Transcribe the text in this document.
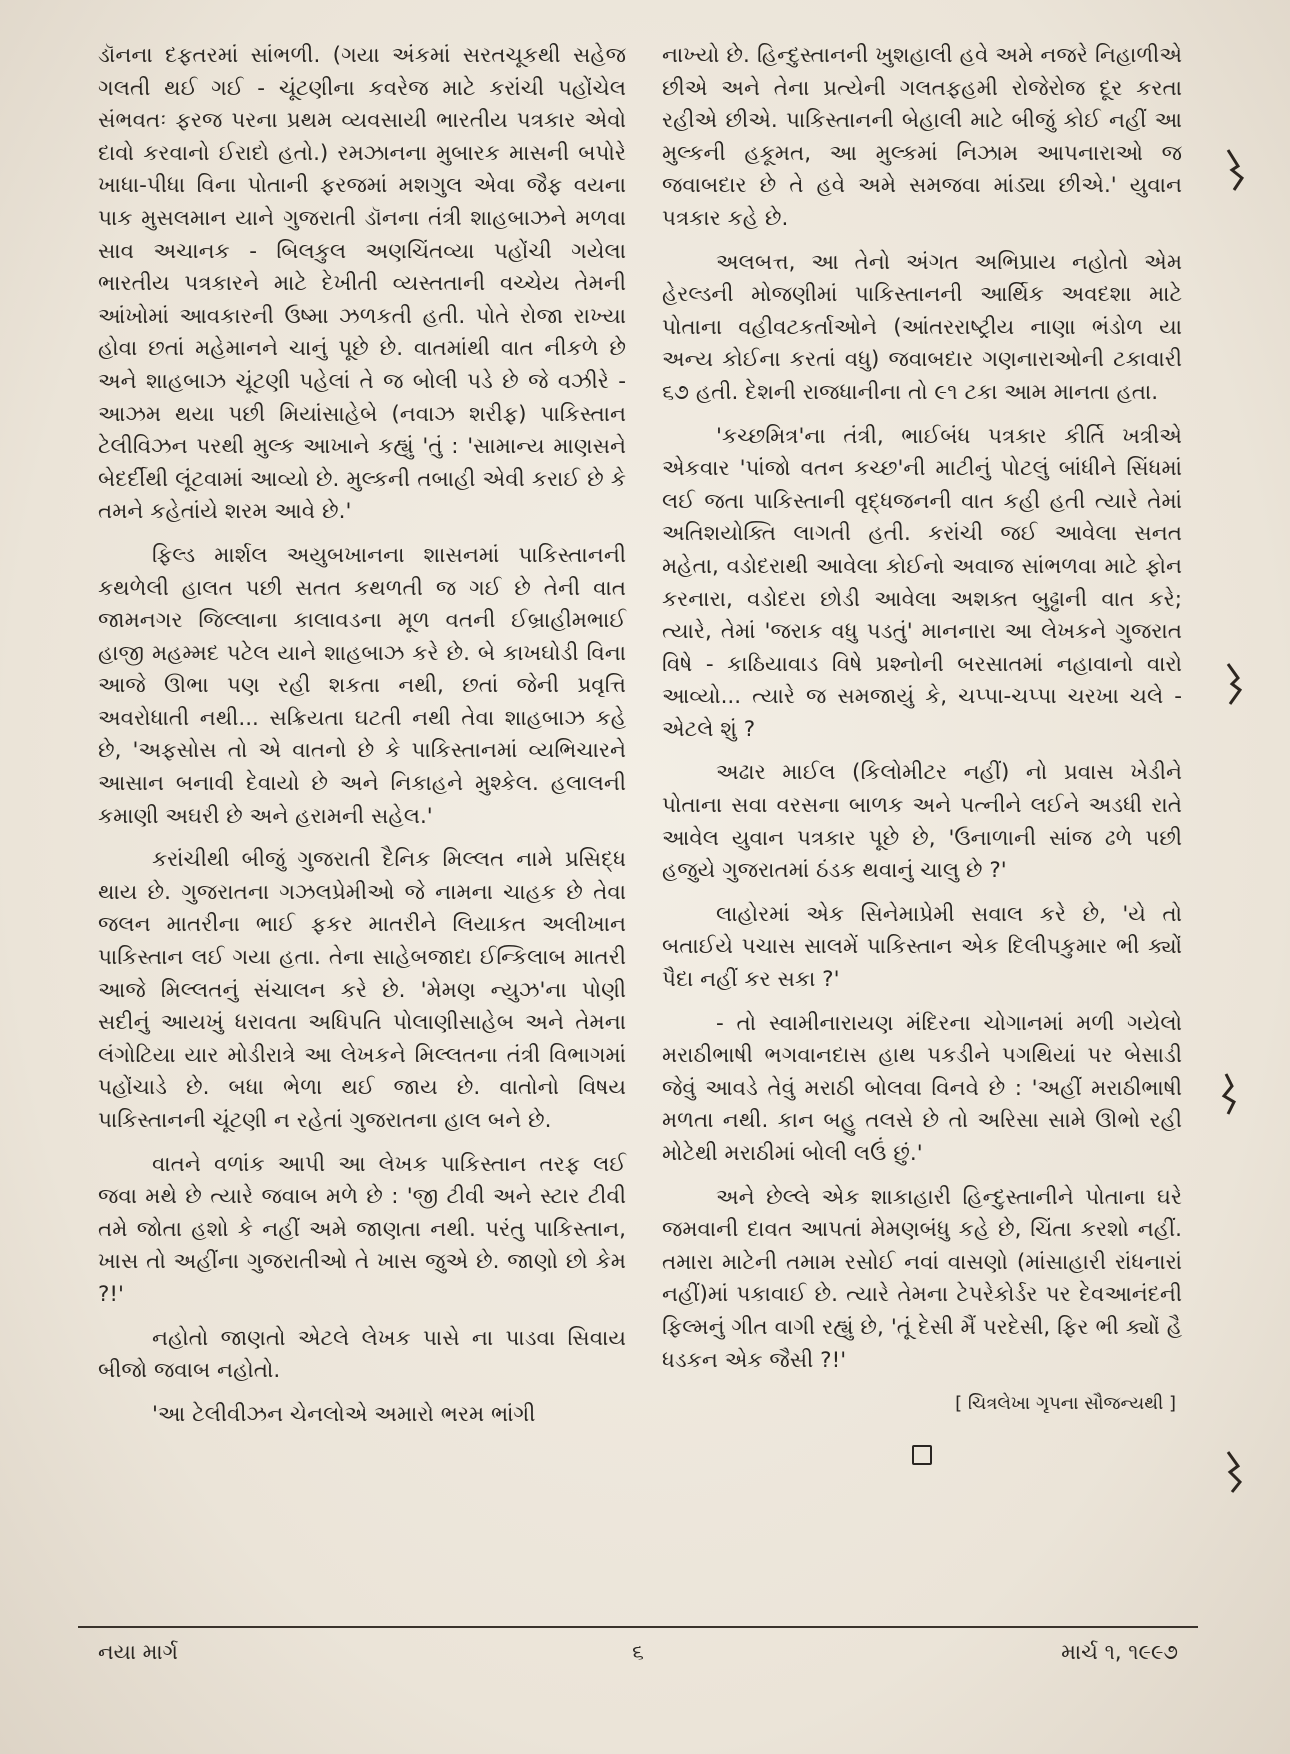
ડૉનના દફતરમાં સાંભળી. (ગયા અંકમાં સરતચૂકથી સહેજ ગલતી થઈ ગઈ - ચૂંટણીના કવરેજ માટે કરાંચી પહોંચેલ સંભવતઃ ફરજ પરના પ્રથમ વ્યવસાયી ભારતીય પત્રકાર એવો દાવો કરવાનો ઈરાદો હતો.) રમઝાનના મુબારક માસની બપોરે ખાધા-પીધા વિના પોતાની ફરજમાં મશગુલ એવા જૈફ વયના પાક મુસલમાન યાને ગુજરાતી ડૉનના તંત્રી શાહબાઝને મળવા સાવ અચાનક - બિલકુલ અણચિંતવ્યા પહોંચી ગયેલા ભારતીય પત્રકારને માટે દેખીતી વ્યસ્તતાની વચ્ચેય તેમની આંખોમાં આવકારની ઉષ્મા ઝળકતી હતી. પોતે રોજા રાખ્યા હોવા છતાં મહેમાનને ચાનું પૂછે છે. વાતમાંથી વાત નીકળે છે અને શાહબાઝ ચૂંટણી પહેલાં તે જ બોલી પડે છે જે વઝીરે - આઝમ થયા પછી મિયાંસાહેબે (નવાઝ શરીફ) પાકિસ્તાન ટેલીવિઝન પરથી મુલ્ક આખાને કહ્યું 'તું : 'સામાન્ય માણસને બેદર્દીથી લૂંટવામાં આવ્યો છે. મુલ્કની તબાહી એવી કરાઈ છે કે તમને કહેતાંયે શરમ આવે છે.'

ફિલ્ડ માર્શલ અયુબખાનના શાસનમાં પાકિસ્તાનની કથળેલી હાલત પછી સતત કથળતી જ ગઈ છે તેની વાત જામનગર જિલ્લાના કાલાવડના મૂળ વતની ઈબ્રાહીમભાઈ હાજી મહમ્મદ પટેલ યાને શાહબાઝ કરે છે. બે કાખઘોડી વિના આજે ઊભા પણ રહી શકતા નથી, છતાં જેની પ્રવૃત્તિ અવરોધાતી નથી... સક્રિયતા ઘટતી નથી તેવા શાહબાઝ કહે છે, 'અફસોસ તો એ વાતનો છે કે પાકિસ્તાનમાં વ્યભિચારને આસાન બનાવી દેવાયો છે અને નિકાહને મુશ્કેલ. હલાલની કમાણી અઘરી છે અને હરામની સહેલ.'

કરાંચીથી બીજું ગુજરાતી દૈનિક મિલ્લત નામે પ્રસિદ્ધ થાય છે. ગુજરાતના ગઝલપ્રેમીઓ જે નામના ચાહક છે તેવા જલન માતરીના ભાઈ ફકર માતરીને લિયાકત અલીખાન પાકિસ્તાન લઈ ગયા હતા. તેના સાહેબજાદા ઈન્કિલાબ માતરી આજે મિલ્લતનું સંચાલન કરે છે. 'મેમણ ન્યુઝ'ના પોણી સદીનું આયખું ધરાવતા અધિપતિ પોલાણીસાહેબ અને તેમના લંગોટિયા યાર મોડીરાત્રે આ લેખકને મિલ્લતના તંત્રી વિભાગમાં પહોંચાડે છે. બધા ભેળા થઈ જાય છે. વાતોનો વિષય પાકિસ્તાનની ચૂંટણી ન રહેતાં ગુજરાતના હાલ બને છે.

વાતને વળાંક આપી આ લેખક પાકિસ્તાન તરફ લઈ જવા મથે છે ત્યારે જવાબ મળે છે : 'જી ટીવી અને સ્ટાર ટીવી તમે જોતા હશો કે નહીં અમે જાણતા નથી. પરંતુ પાકિસ્તાન, ખાસ તો અહીંના ગુજરાતીઓ તે ખાસ જુએ છે. જાણો છો કેમ ?!'

નહોતો જાણતો એટલે લેખક પાસે ના પાડવા સિવાય બીજો જવાબ નહોતો.

'આ ટેલીવીઝન ચેનલોએ અમારો ભરમ ભાંગી

નાખ્યો છે. હિન્દુસ્તાનની ખુશહાલી હવે અમે નજરે નિહાળીએ છીએ અને તેના પ્રત્યેની ગલતફહમી રોજેરોજ દૂર કરતા રહીએ છીએ. પાકિસ્તાનની બેહાલી માટે બીજું કોઈ નહીં આ મુલ્કની હકૂમત, આ મુલ્કમાં નિઝામ આપનારાઓ જ જવાબદાર છે તે હવે અમે સમજવા માંડ્યા છીએ.' યુવાન પત્રકાર કહે છે.

અલબત્ત, આ તેનો અંગત અભિપ્રાય નહોતો એમ હેરલ્ડની મોજણીમાં પાકિસ્તાનની આર્થિક અવદશા માટે પોતાના વહીવટકર્તાઓને (આંતરરાષ્ટ્રીય નાણા ભંડોળ યા અન્ય કોઈના કરતાં વધુ) જવાબદાર ગણનારાઓની ટકાવારી ૬૭ હતી. દેશની રાજધાનીના તો ૯૧ ટકા આમ માનતા હતા.

'કચ્છમિત્ર'ના તંત્રી, ભાઈબંધ પત્રકાર કીર્તિ ખત્રીએ એકવાર 'પાંજો વતન કચ્છ'ની માટીનું પોટલું બાંધીને સિંધમાં લઈ જતા પાકિસ્તાની વૃદ્ધજનની વાત કહી હતી ત્યારે તેમાં અતિશયોક્તિ લાગતી હતી. કરાંચી જઈ આવેલા સનત મહેતા, વડોદરાથી આવેલા કોઈનો અવાજ સાંભળવા માટે ફોન કરનારા, વડોદરા છોડી આવેલા અશક્ત બુઢ્ઢાની વાત કરે; ત્યારે, તેમાં 'જરાક વધુ પડતું' માનનારા આ લેખકને ગુજરાત વિષે - કાઠિયાવાડ વિષે પ્રશ્નોની બરસાતમાં નહાવાનો વારો આવ્યો... ત્યારે જ સમજાયું કે, ચપ્પા-ચપ્પા ચરખા ચલે - એટલે શું ?

અઢાર માઈલ (કિલોમીટર નહીં) નો પ્રવાસ ખેડીને પોતાના સવા વરસના બાળક અને પત્નીને લઈને અડધી રાતે આવેલ યુવાન પત્રકાર પૂછે છે, 'ઉનાળાની સાંજ ઢળે પછી હજુયે ગુજરાતમાં ઠંડક થવાનું ચાલુ છે ?'

લાહોરમાં એક સિનેમાપ્રેમી સવાલ કરે છે, 'યે તો બતાઈયે પચાસ સાલમેં પાકિસ્તાન એક દિલીપકુમાર ભી ક્યોં પૈદા નહીં કર સકા ?'

- તો સ્વામીનારાયણ મંદિરના ચોગાનમાં મળી ગયેલો મરાઠીભાષી ભગવાનદાસ હાથ પકડીને પગથિયાં પર બેસાડી જેવું આવડે તેવું મરાઠી બોલવા વિનવે છે : 'અહીં મરાઠીભાષી મળતા નથી. કાન બહુ તલસે છે તો અરિસા સામે ઊભો રહી મોટેથી મરાઠીમાં બોલી લઉં છું.'

અને છેલ્લે એક શાકાહારી હિન્દુસ્તાનીને પોતાના ઘરે જમવાની દાવત આપતાં મેમણબંધુ કહે છે, ચિંતા કરશો નહીં. તમારા માટેની તમામ રસોઈ નવાં વાસણો (માંસાહારી રાંધનારાં નહીં)માં પકાવાઈ છે. ત્યારે તેમના ટેપરેકોર્ડર પર દેવઆનંદની ફિલ્મનું ગીત વાગી રહ્યું છે, 'તૂં દેસી મૈં પરદેસી, ફિર ભી ક્યોં હૈ ધડકન એક જૈસી ?!'

[ ચિત્રલેખા ગૃપના સૌજન્યથી ]
નયા માર્ગ	૬	માર્ચ ૧, ૧૯૯૭
